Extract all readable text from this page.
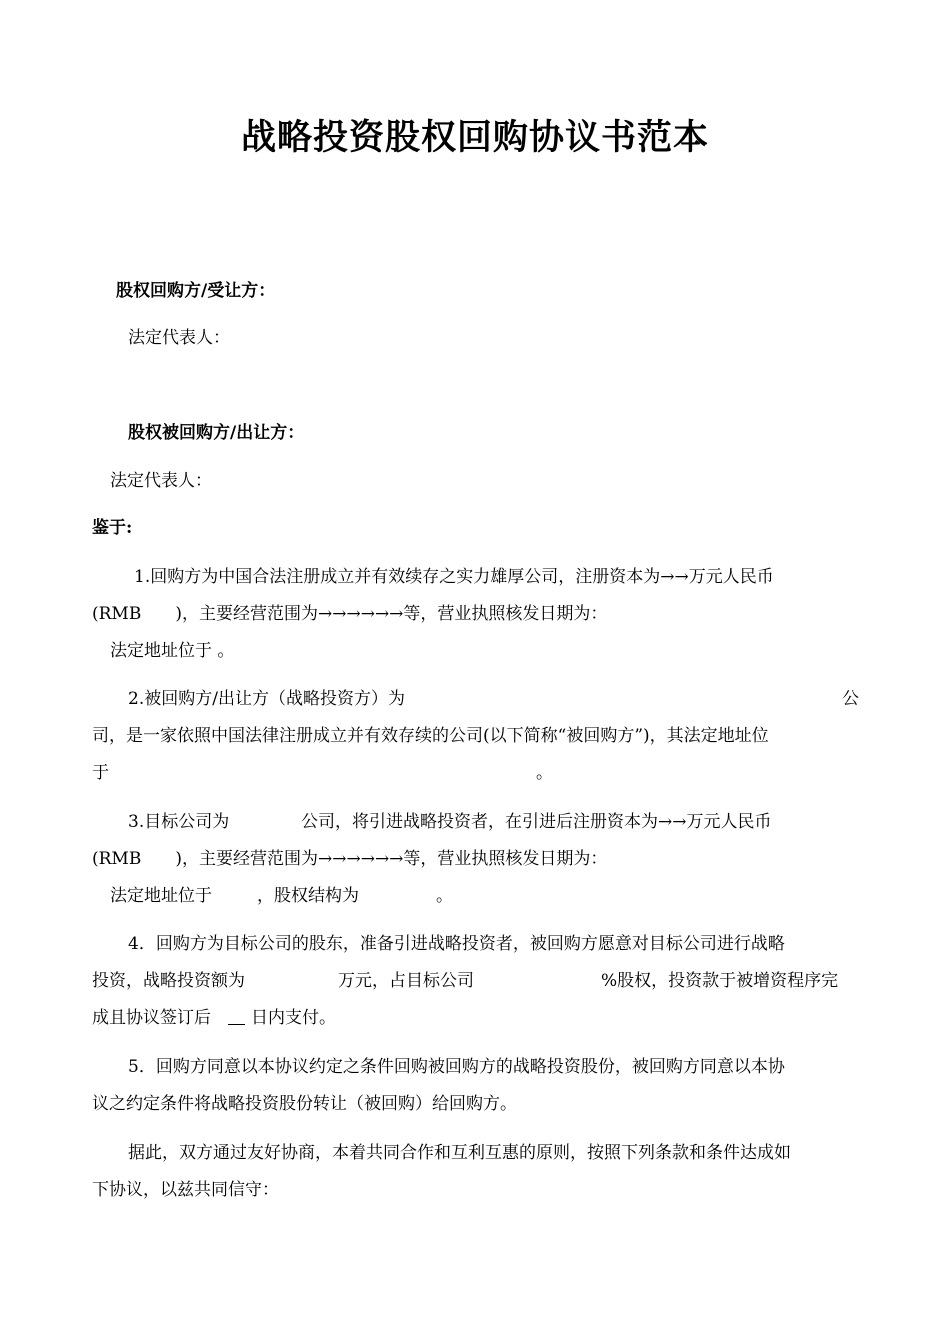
战略投资股权回购协议书范本
股权回购方/受让方：
法定代表人：
股权被回购方/出让方：
法定代表人：
鉴于:
1.回购方为中国合法注册成立并有效续存之实力雄厚公司，注册资本为→→万元人民币
(RMB　　)，主要经营范围为→→→→→→等，营业执照核发日期为：
法定地址位于 。
2.被回购方/出让方（战略投资方）为	公
司，是一家依照中国法律注册成立并有效存续的公司(以下简称“被回购方”)，其法定地址位
于	。
3.目标公司为	公司，将引进战略投资者，在引进后注册资本为→→万元人民币
(RMB　　)，主要经营范围为→→→→→→等，营业执照核发日期为：
法定地址位于	，股权结构为	。
4．回购方为目标公司的股东，准备引进战略投资者，被回购方愿意对目标公司进行战略
投资，战略投资额为	万元，占目标公司	%股权，投资款于被增资程序完
成且协议签订后
　 日内支付。
5．回购方同意以本协议约定之条件回购被回购方的战略投资股份，被回购方同意以本协
议之约定条件将战略投资股份转让（被回购）给回购方。
据此，双方通过友好协商，本着共同合作和互利互惠的原则，按照下列条款和条件达成如
下协议，以兹共同信守：
